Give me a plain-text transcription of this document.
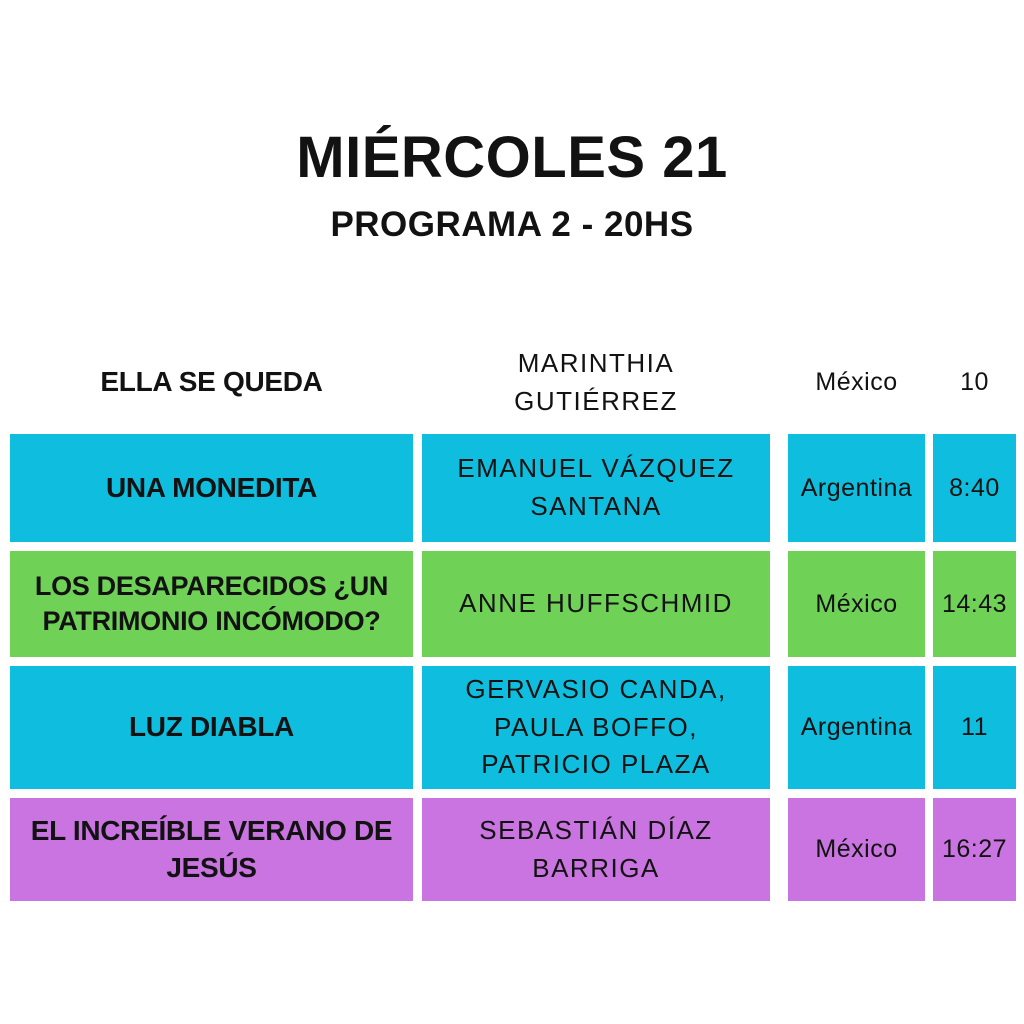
MIÉRCOLES 21
PROGRAMA 2 - 20HS
ELLA SE QUEDA
MARINTHIA GUTIÉRREZ
México	10
UNA MONEDITA
EMANUEL VÁZQUEZ SANTANA
Argentina 8:40
LOS DESAPARECIDOS ¿UN PATRIMONIO INCÓMODO?
ANNE HUFFSCHMID	México 14:43
LUZ DIABLA
GERVASIO CANDA, PAULA BOFFO, PATRICIO PLAZA
Argentina 11
EL INCREÍBLE VERANO DE JESÚS
SEBASTIÁN DÍAZ BARRIGA
México 16:27
